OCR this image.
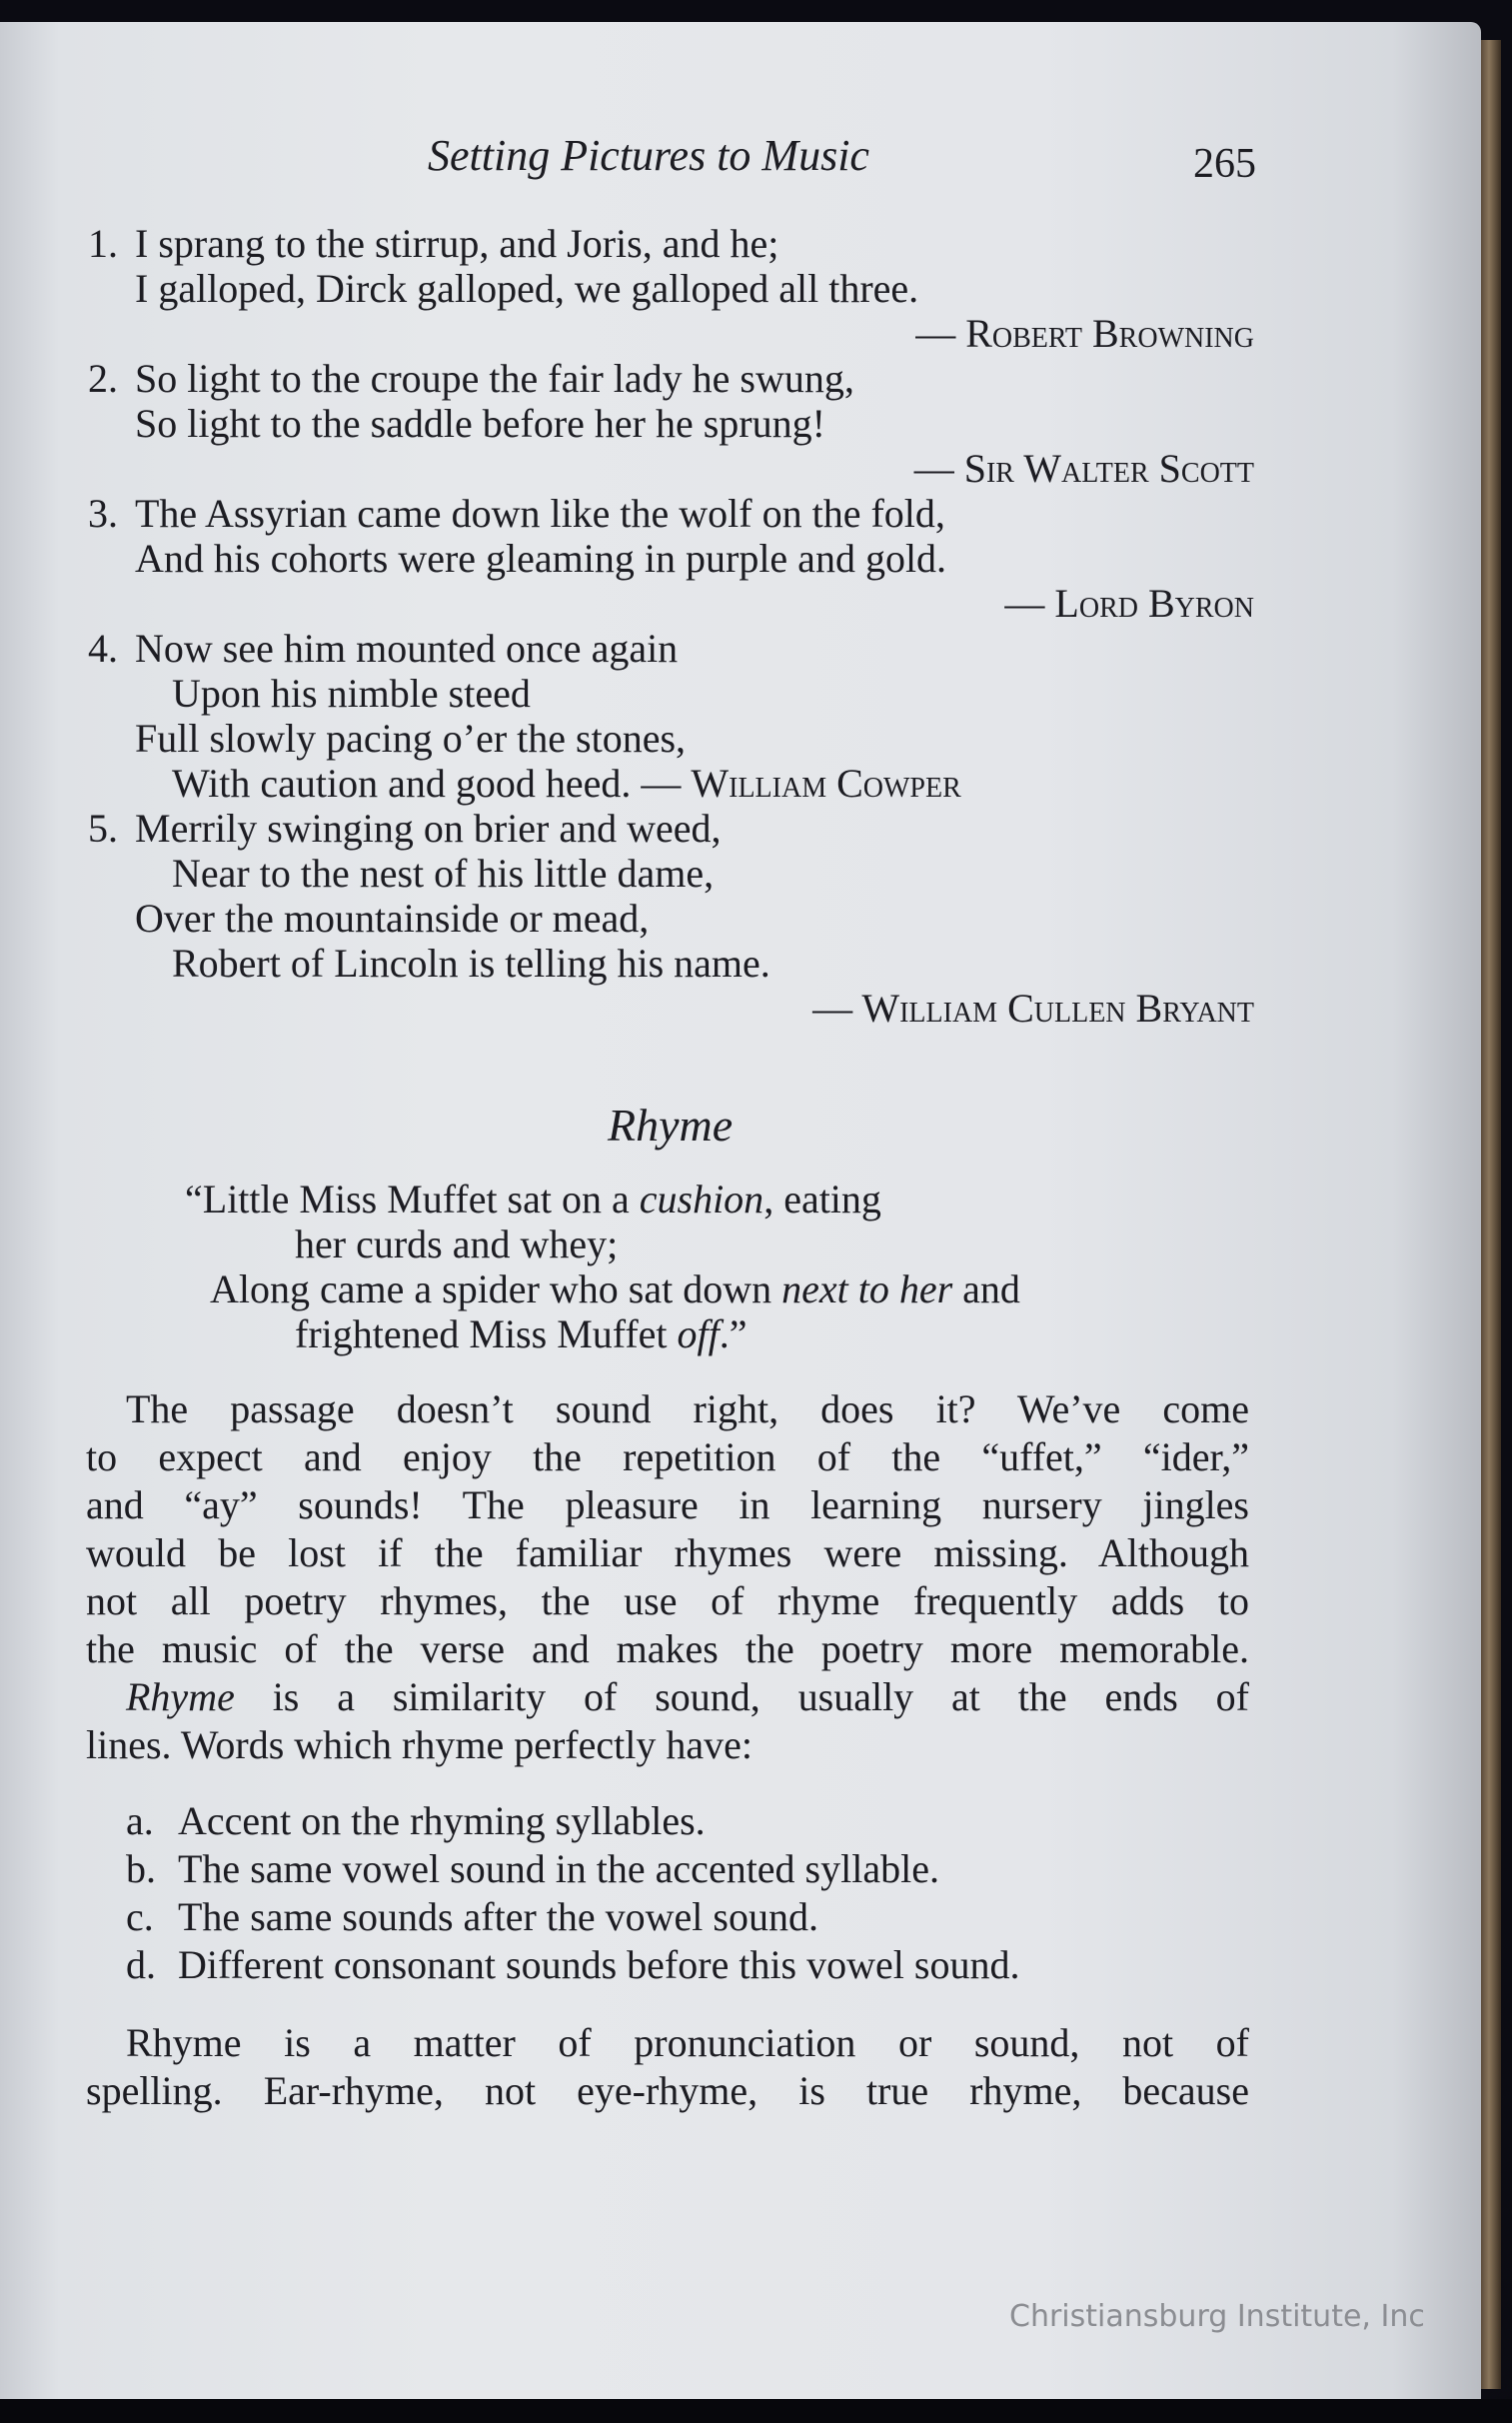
Setting Pictures to Music	265
1. I sprang to the stirrup, and Joris, and he;
I galloped, Dirck galloped, we galloped all three.
— Robert Browning
2. So light to the croupe the fair lady he swung,
So light to the saddle before her he sprung!
— Sir Walter Scott
3. The Assyrian came down like the wolf on the fold,
And his cohorts were gleaming in purple and gold.
— Lord Byron
4. Now see him mounted once again
Upon his nimble steed
Full slowly pacing o’er the stones,
With caution and good heed. — William Cowper
5. Merrily swinging on brier and weed,
Near to the nest of his little dame,
Over the mountainside or mead,
Robert of Lincoln is telling his name.
— William Cullen Bryant
Rhyme
“Little Miss Muffet sat on a cushion, eating
her curds and whey;
Along came a spider who sat down next to her and
frightened Miss Muffet off.”
The passage doesn’t sound right, does it? We’ve come
to expect and enjoy the repetition of the “uffet,” “ider,”
and “ay” sounds! The pleasure in learning nursery jingles
would be lost if the familiar rhymes were missing. Although
not all poetry rhymes, the use of rhyme frequently adds to
the music of the verse and makes the poetry more memorable.
Rhyme is a similarity of sound, usually at the ends of
lines. Words which rhyme perfectly have:
a. Accent on the rhyming syllables.
b. The same vowel sound in the accented syllable.
c. The same sounds after the vowel sound.
d. Different consonant sounds before this vowel sound.
Rhyme is a matter of pronunciation or sound, not of
spelling. Ear-rhyme, not eye-rhyme, is true rhyme, because
Christiansburg Institute, Inc
